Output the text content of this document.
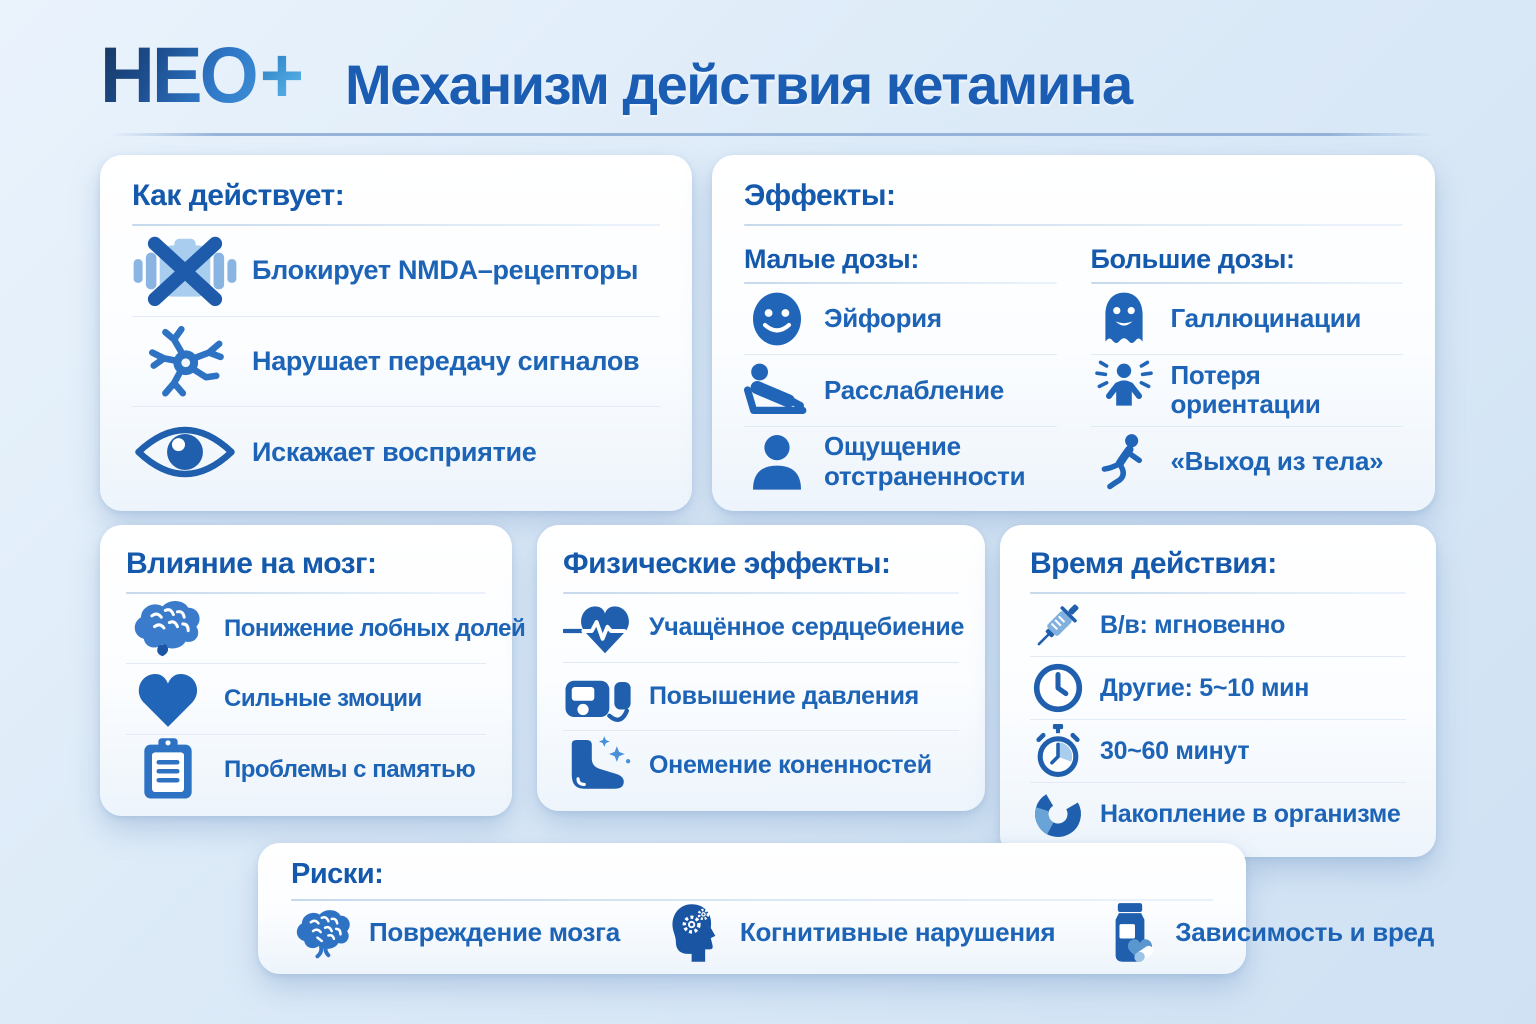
НЕО+ Механизм действия кетамина
Как действует:
Блокирует NMDA–рецепторы
Нарушает передачу сигналов
Искажает восприятие
Эффекты:
Малые дозы:
Эйфория
Расслабление
Ощущение отстраненности
Большие дозы:
Галлюцинации
Потеря ориентации
«Выход из тела»
Влияние на мозг:
Понижение лобных долей
Сильные змоции
Проблемы с памятью
Физические эффекты:
Учащённое сердцебиение
Повышение давления
Онемение коненностей
Время действия:
В/в: мгновенно
Другие: 5~10 мин
30~60 минут
Накопление в организме
Риски:
Повреждение мозга	Когнитивные нарушения	Зависимость и вред
